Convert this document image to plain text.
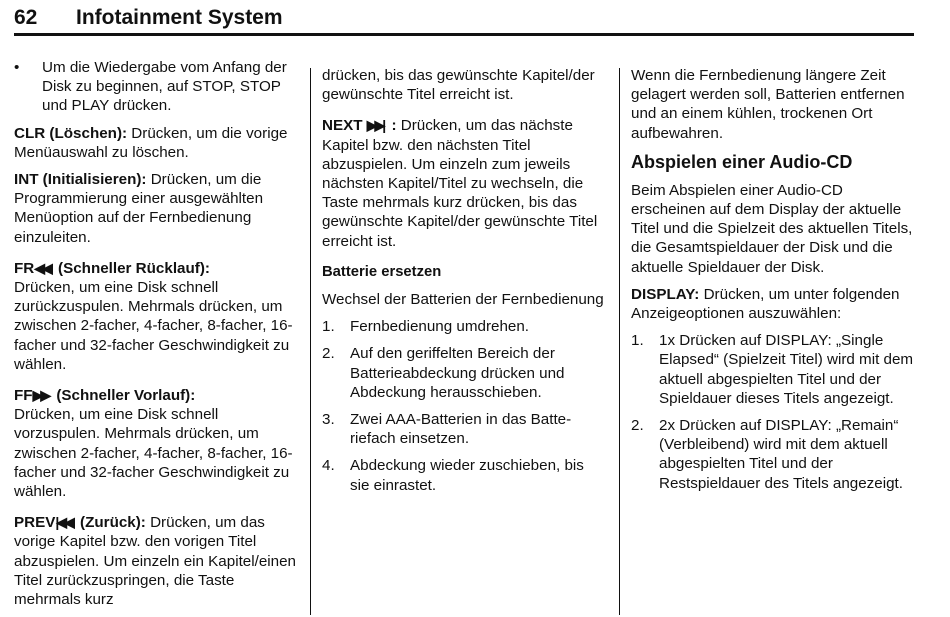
62 Infotainment System
•	Um die Wiedergabe vom Anfang der Disk zu beginnen, auf STOP, STOP und PLAY drücken.

CLR (Löschen): Drücken, um die vorige Menüauswahl zu löschen.

INT (Initialisieren): Drücken, um die Programmierung einer ausgewählten Menüoption auf der Fernbedienung einzuleiten.

FR◀◀ (Schneller Rücklauf):
Drücken, um eine Disk schnell zurückzuspulen. Mehrmals drücken, um zwischen 2-facher, 4-facher, 8-facher, 16-facher und 32-facher Geschwindigkeit zu wählen.

FF▶▶ (Schneller Vorlauf):
Drücken, um eine Disk schnell vorzuspulen. Mehrmals drücken, um zwischen 2-facher, 4-facher, 8-facher, 16-facher und 32-facher Geschwindigkeit zu wählen.

PREV|◀◀ (Zurück): Drücken, um das vorige Kapitel bzw. den vorigen Titel abzuspielen. Um einzeln ein Kapitel/einen Titel zurückzuspringen, die Taste mehrmals kurz

drücken, bis das gewünschte Kapitel/der gewünschte Titel erreicht ist.

NEXT ▶▶| : Drücken, um das nächste Kapitel bzw. den nächsten Titel abzuspielen. Um einzeln zum jeweils nächsten Kapitel/Titel zu wechseln, die Taste mehrmals kurz drücken, bis das gewünschte Kapitel/der gewünschte Titel erreicht ist.

Batterie ersetzen

Wechsel der Batterien der Fernbedienung

1.	Fernbedienung umdrehen.
2.	Auf den geriffelten Bereich der Batterieabdeckung drücken und Abdeckung herausschieben.
3.	Zwei AAA-Batterien in das Batteriefach einsetzen.
4.	Abdeckung wieder zuschieben, bis sie einrastet.

Wenn die Fernbedienung längere Zeit gelagert werden soll, Batterien entfernen und an einem kühlen, trockenen Ort aufbewahren.

Abspielen einer Audio-CD

Beim Abspielen einer Audio-CD erscheinen auf dem Display der aktuelle Titel und die Spielzeit des aktuellen Titels, die Gesamtspieldauer der Disk und die aktuelle Spieldauer der Disk.

DISPLAY: Drücken, um unter folgenden Anzeigeoptionen auszuwählen:

1.	1x Drücken auf DISPLAY: „Single Elapsed“ (Spielzeit Titel) wird mit dem aktuell abgespielten Titel und der Spieldauer dieses Titels angezeigt.
2.	2x Drücken auf DISPLAY: „Remain“ (Verbleibend) wird mit dem aktuell abgespielten Titel und der Restspieldauer des Titels angezeigt.
